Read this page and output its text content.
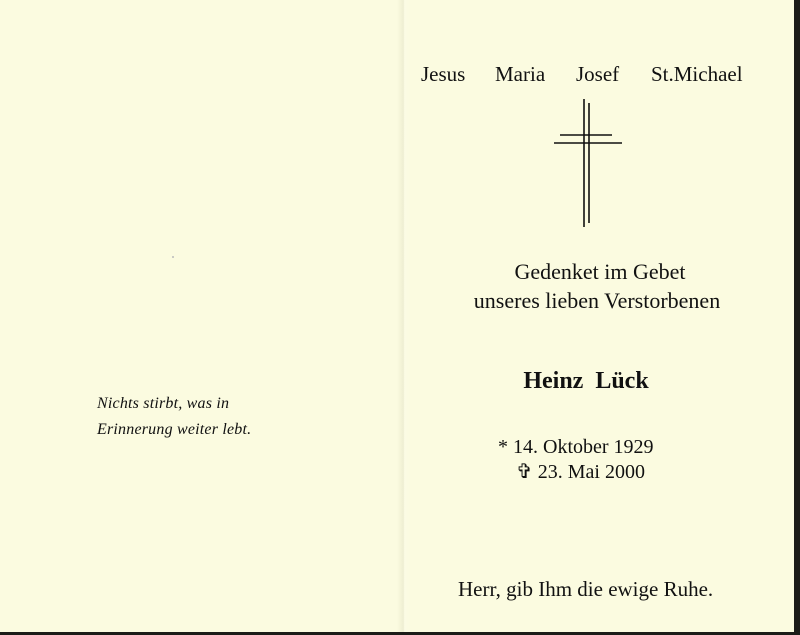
Nichts stirbt, was in
Erinnerung weiter lebt.
Jesus Maria Josef St.Michael
Gedenket im Gebet
unseres lieben Verstorbenen
Heinz Lück
* 14. Oktober 1929
✞ 23. Mai 2000
Herr, gib Ihm die ewige Ruhe.
